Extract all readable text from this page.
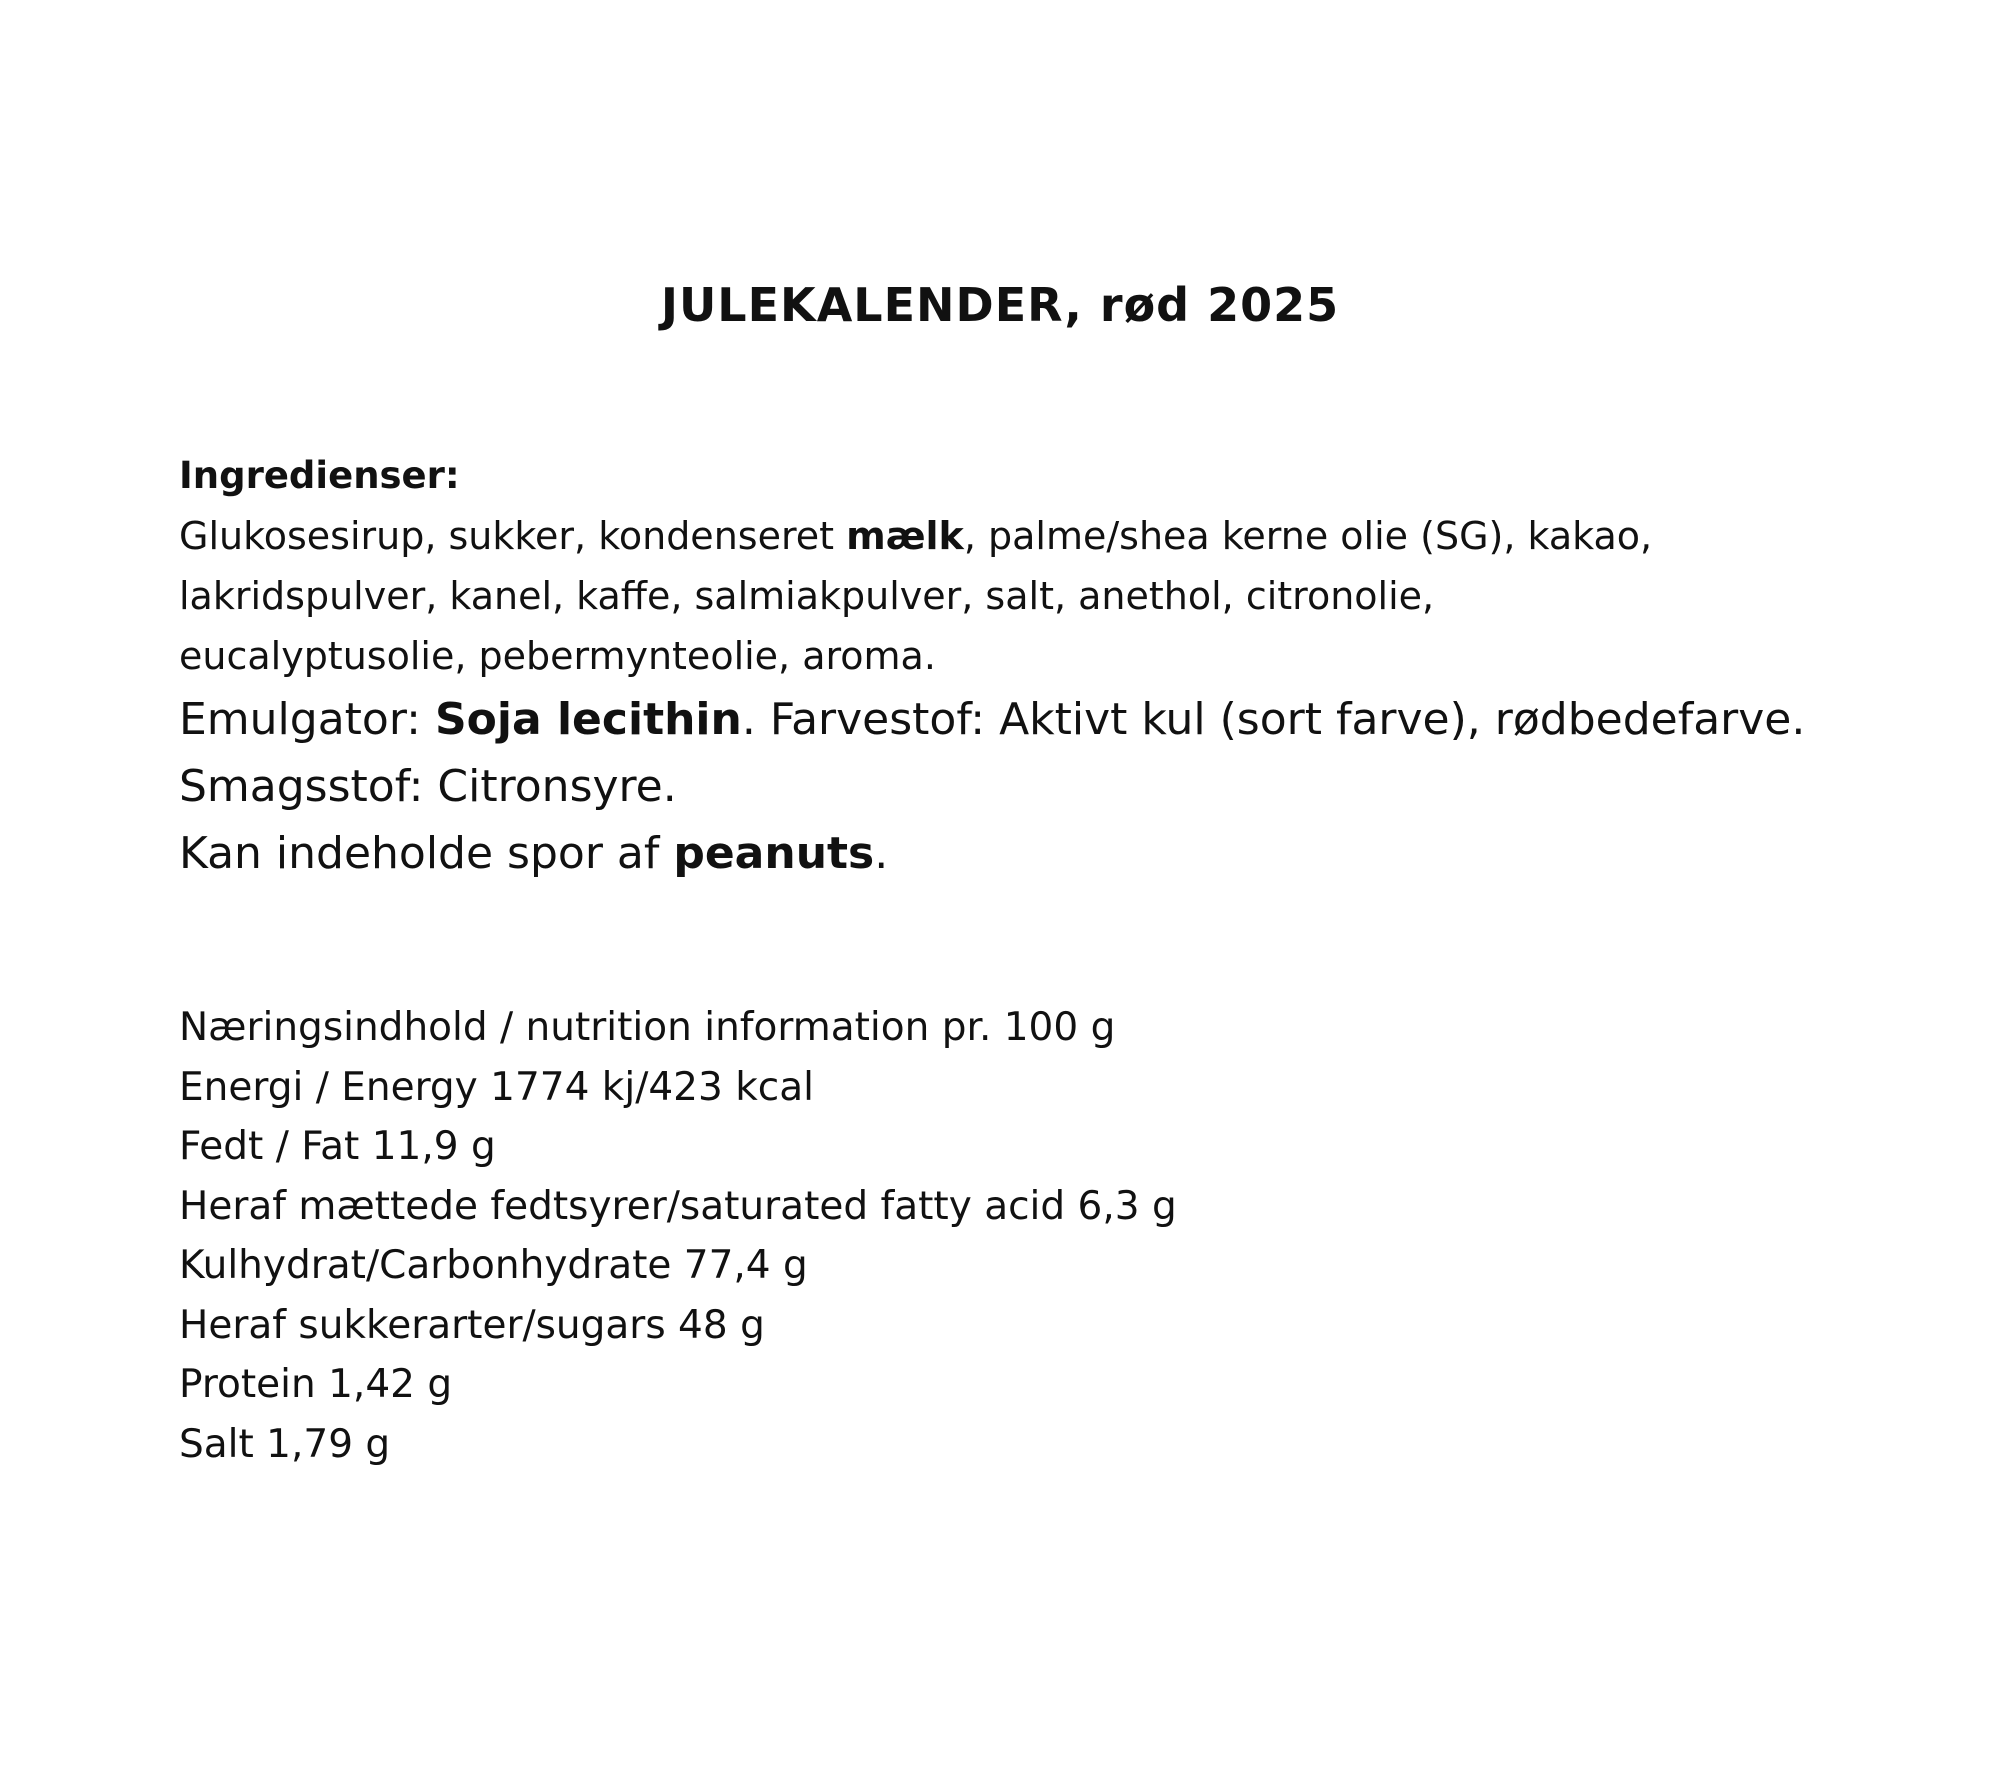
JULEKALENDER, rød 2025
Ingredienser:
Glukosesirup, sukker, kondenseret mælk, palme/shea kerne olie (SG), kakao,
lakridspulver, kanel, kaffe, salmiakpulver, salt, anethol, citronolie,
eucalyptusolie, pebermynteolie, aroma.
Emulgator: Soja lecithin. Farvestof: Aktivt kul (sort farve), rødbedefarve.
Smagsstof: Citronsyre.
Kan indeholde spor af peanuts.
Næringsindhold / nutrition information pr. 100 g
Energi / Energy 1774 kj/423 kcal
Fedt / Fat 11,9 g
Heraf mættede fedtsyrer/saturated fatty acid 6,3 g
Kulhydrat/Carbonhydrate 77,4 g
Heraf sukkerarter/sugars 48 g
Protein 1,42 g
Salt 1,79 g
